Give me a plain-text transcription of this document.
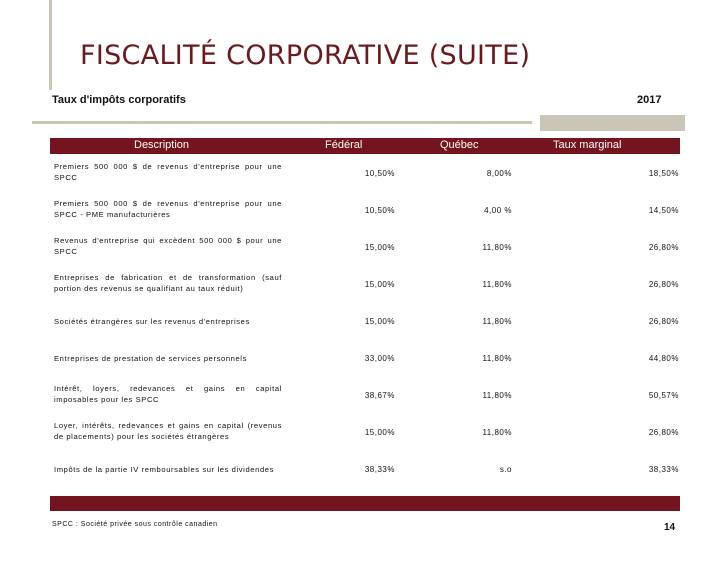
FISCALITÉ CORPORATIVE (SUITE)
Taux d'impôts corporatifs	2017
Description	Fédéral	Québec	Taux marginal
Premiers 500 000 $ de revenus d'entreprise pour une SPCC	10,50%	8,00%	18,50%
Premiers 500 000 $ de revenus d'entreprise pour une SPCC - PME manufacturières	10,50%	4,00 %	14,50%
Revenus d'entreprise qui excèdent 500 000 $ pour une SPCC	15,00%	11,80%	26,80%
Entreprises de fabrication et de transformation (sauf portion des revenus se qualifiant au taux réduit)	15,00%	11,80%	26,80%
Sociétés étrangères sur les revenus d'entreprises	15,00%	11,80%	26,80%
Entreprises de prestation de services personnels	33,00%	11,80%	44,80%
Intérêt, loyers, redevances et gains en capital imposables pour les SPCC	38,67%	11,80%	50,57%
Loyer, intérêts, redevances et gains en capital (revenus de placements) pour les sociétés étrangères	15,00%	11,80%	26,80%
Impôts de la partie IV remboursables sur les dividendes	38,33%	s.o	38,33%
SPCC : Société privée sous contrôle canadien	14
